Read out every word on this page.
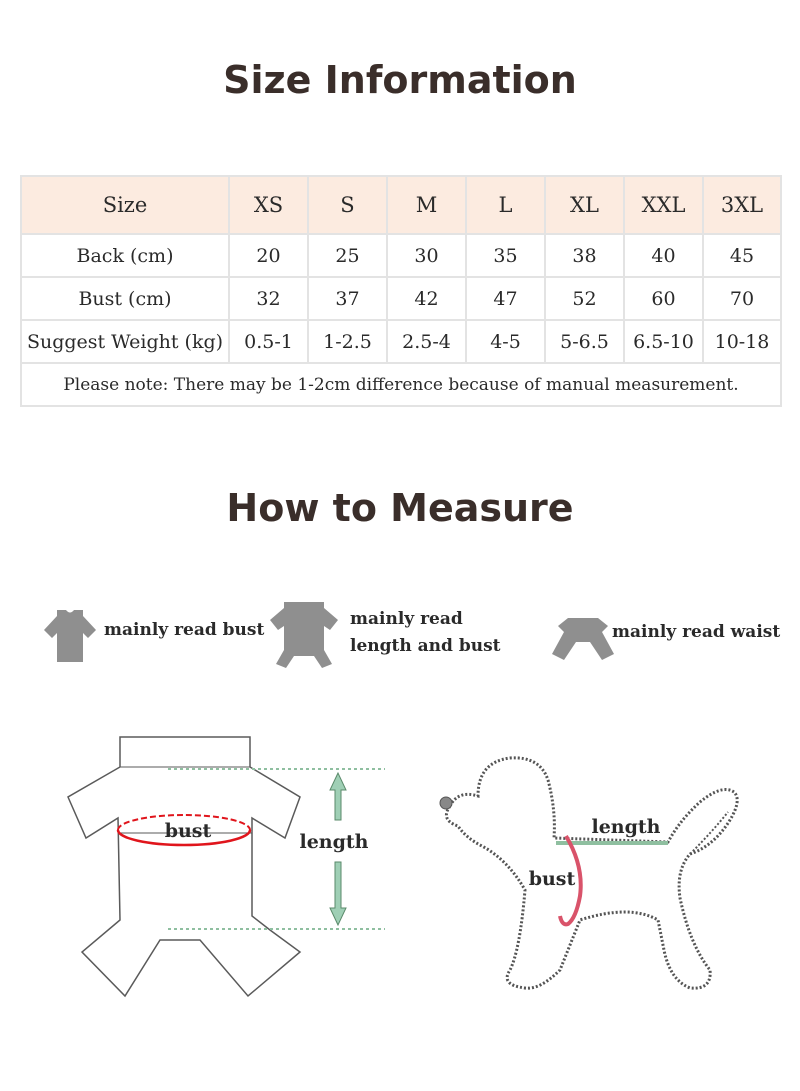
Size Information
Size	XS	S	M	L	XL	XXL	3XL
Back (cm)	20	25	30	35	38	40	45
Bust (cm)	32	37	42	47	52	60	70
Suggest Weight (kg)	0.5-1	1-2.5	2.5-4	4-5	5-6.5	6.5-10	10-18
Please note: There may be 1-2cm difference because of manual measurement.							
How to Measure
mainly read bust
mainly read
length and bust
mainly read waist
bust	length
length
bust
